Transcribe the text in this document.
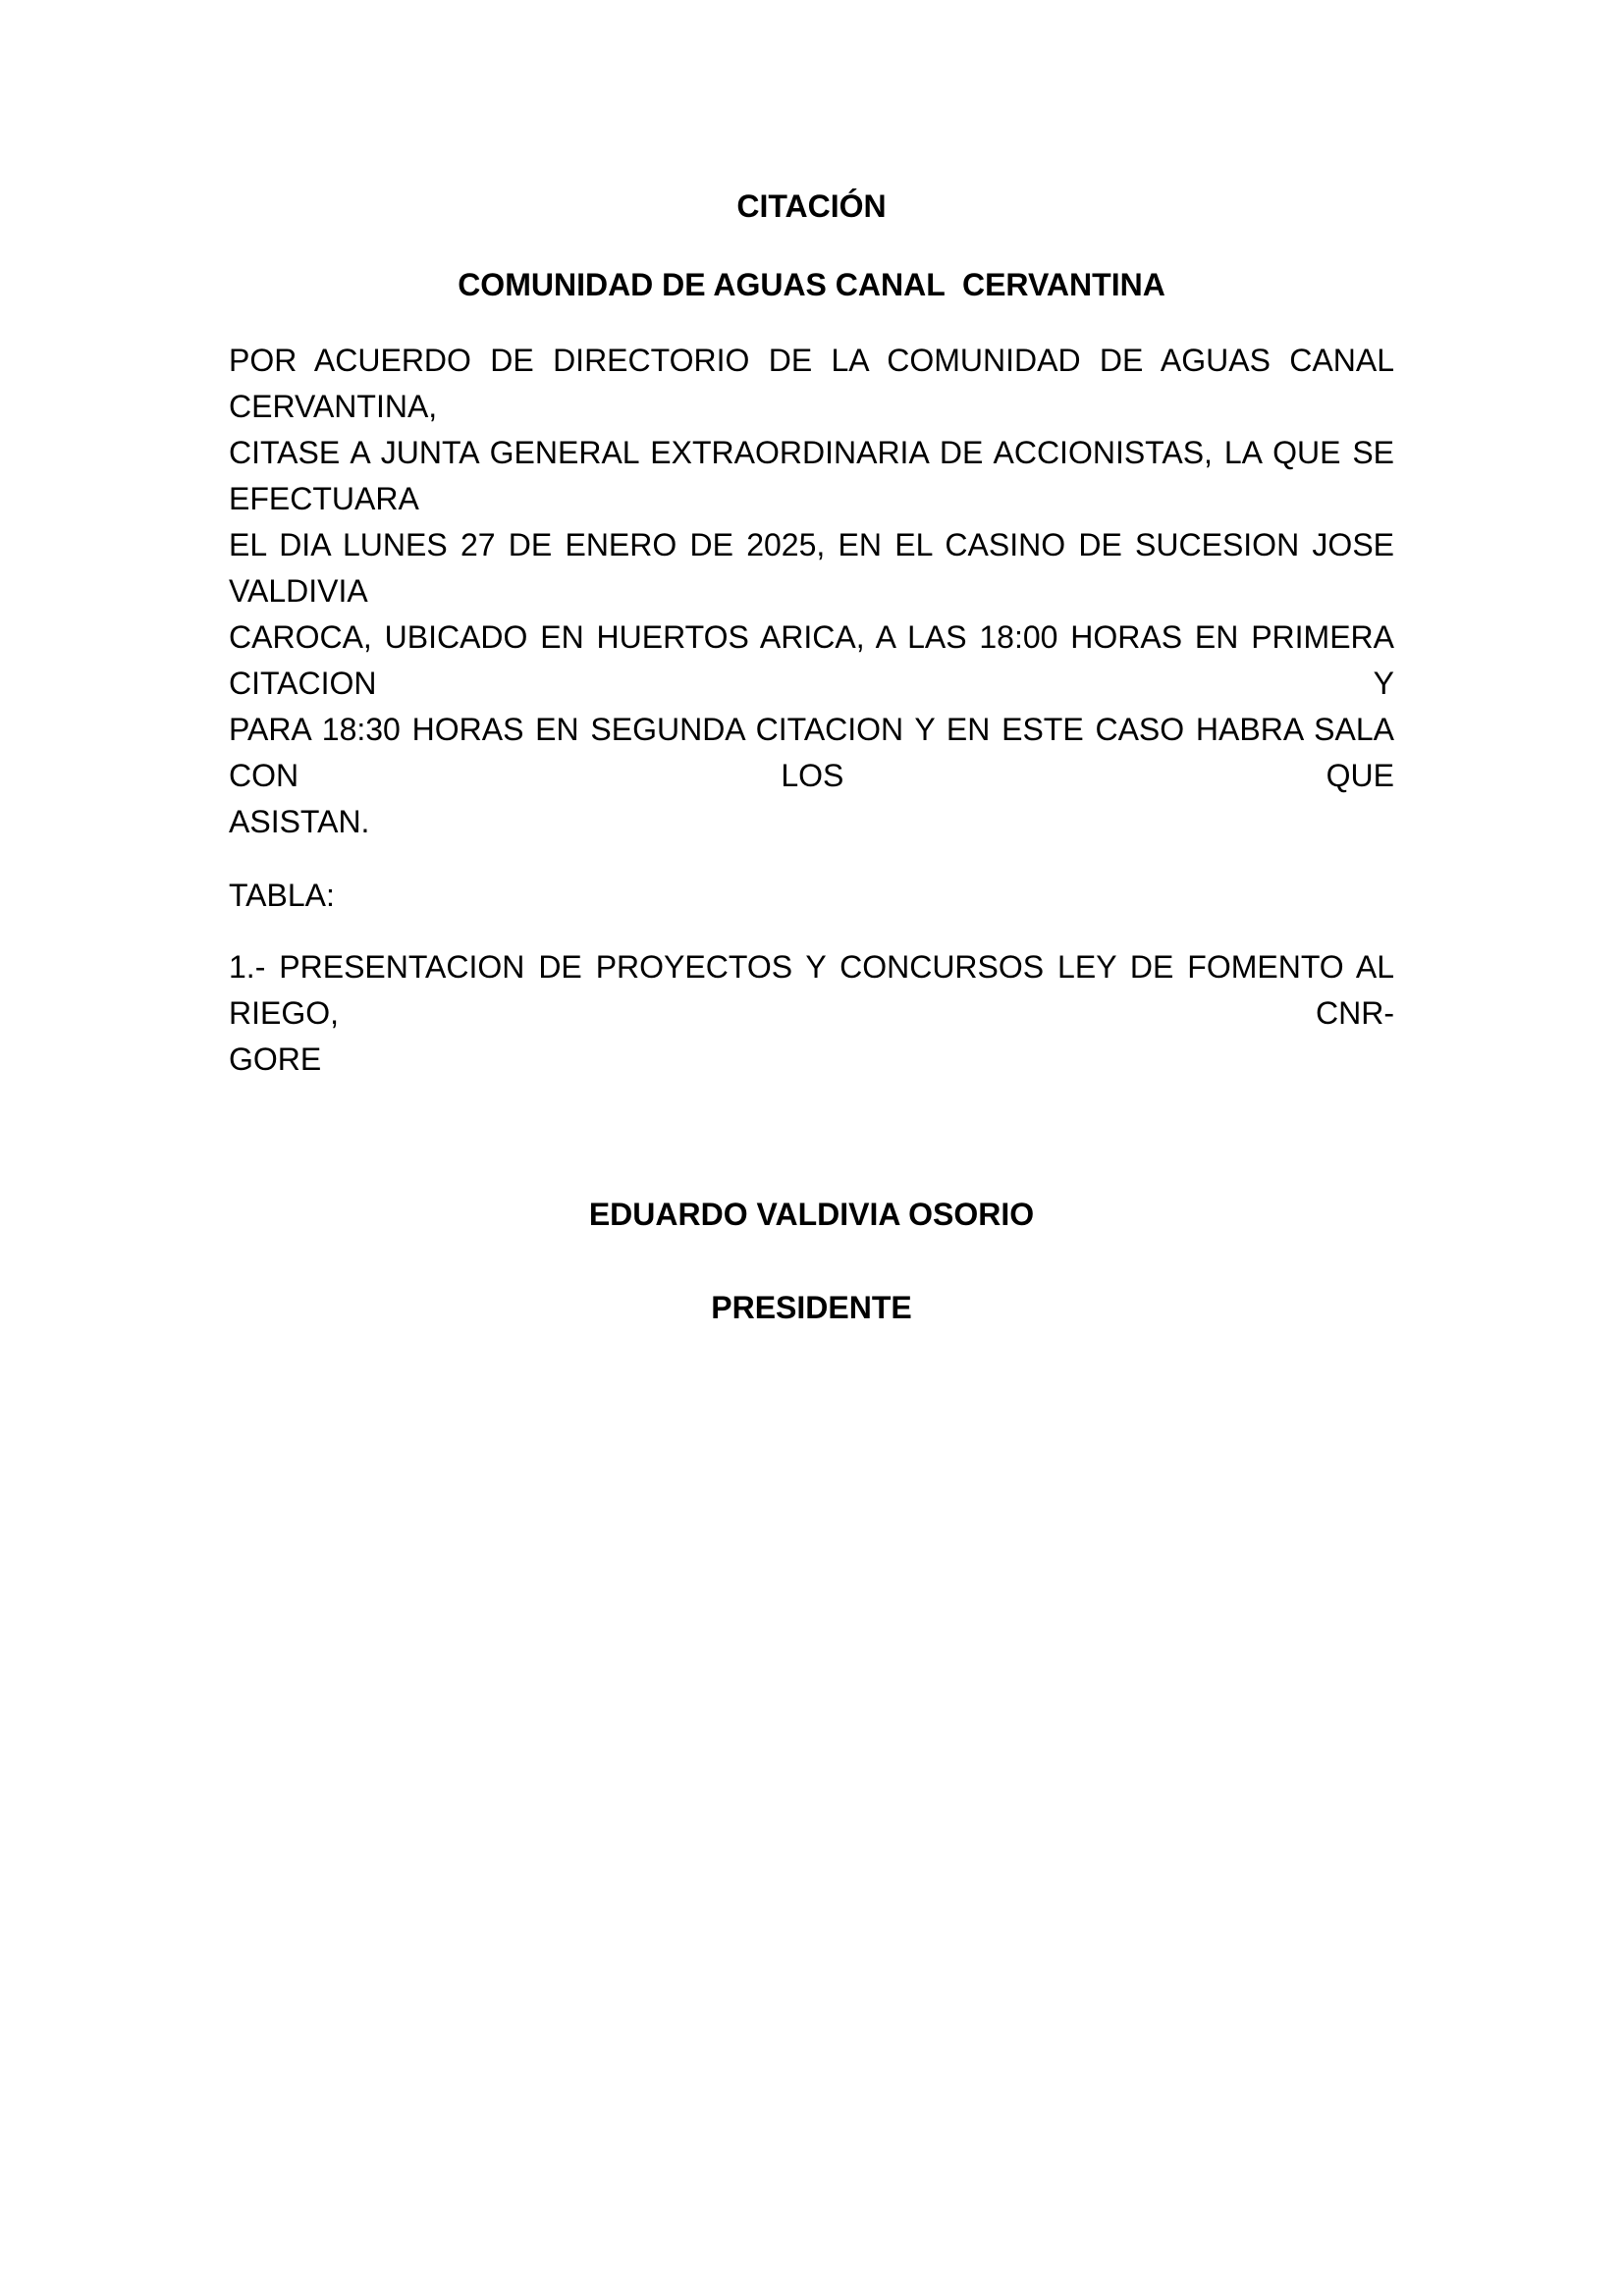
CITACIÓN

COMUNIDAD DE AGUAS CANAL  CERVANTINA

POR ACUERDO DE DIRECTORIO DE LA COMUNIDAD DE AGUAS CANAL CERVANTINA,
CITASE A JUNTA GENERAL EXTRAORDINARIA DE ACCIONISTAS, LA QUE SE EFECTUARA
EL DIA LUNES 27 DE ENERO DE 2025, EN EL CASINO DE SUCESION JOSE VALDIVIA
CAROCA, UBICADO EN HUERTOS ARICA, A LAS 18:00 HORAS EN PRIMERA CITACION Y
PARA 18:30 HORAS EN SEGUNDA CITACION Y EN ESTE CASO HABRA SALA CON LOS QUE
ASISTAN.

TABLA:

1.- PRESENTACION DE PROYECTOS Y CONCURSOS LEY DE FOMENTO AL RIEGO, CNR-
GORE

EDUARDO VALDIVIA OSORIO

PRESIDENTE
